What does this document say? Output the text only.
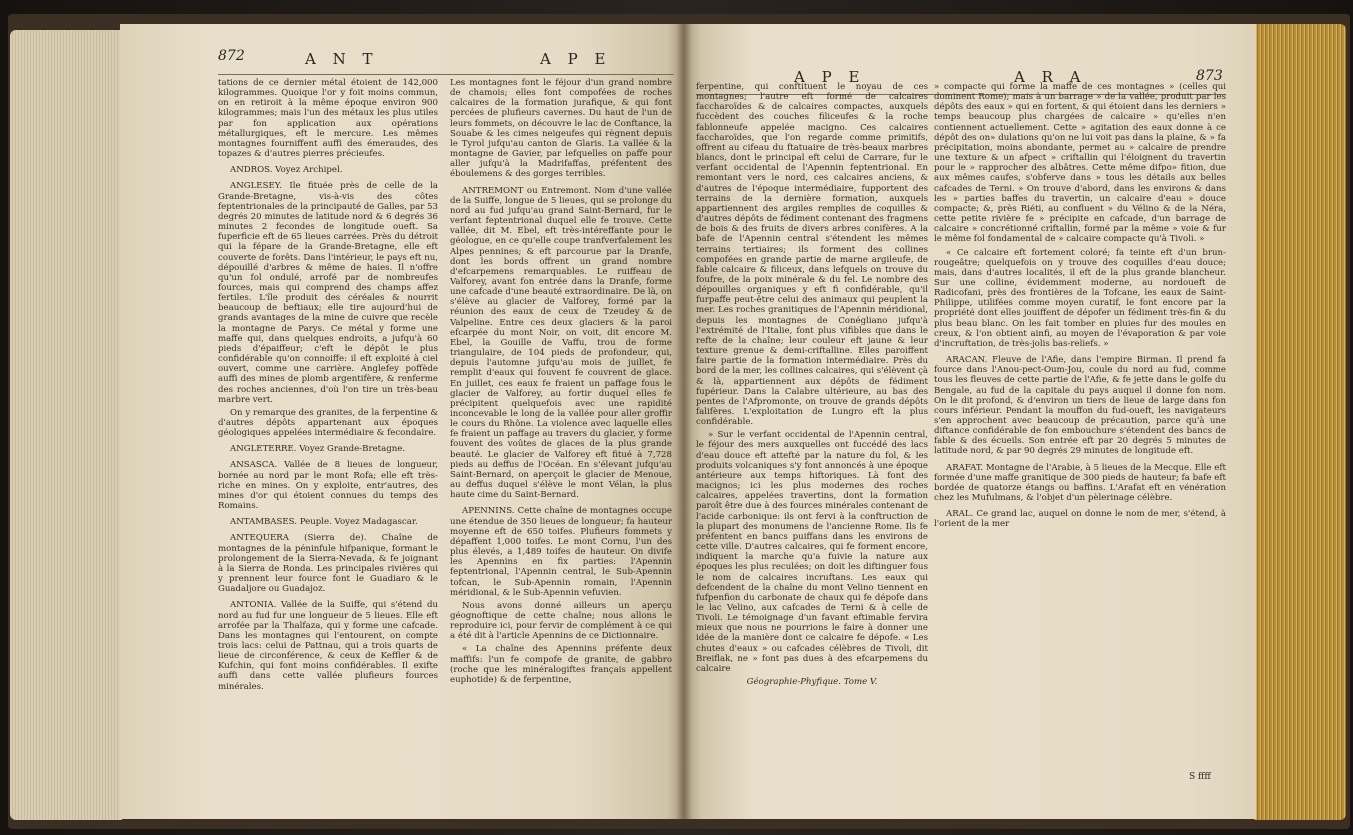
872	A N T	A P E

tations de ce dernier métal étoient de 142,000 kilogrammes. Quoique l'or y foit moins commun, on en retiroit à la même époque environ 900 kilogrammes; mais l'un des métaux les plus utiles par fon application aux opérations métallurgiques, eft le mercure. Les mêmes montagnes fourniffent auffi des émeraudes, des topazes & d'autres pierres précieufes.

ANDROS. Voyez Archipel.

ANGLESEY. Ile fituée près de celle de la Grande-Bretagne, vis-à-vis des côtes feptentrionales de la principauté de Galles, par 53 degrés 20 minutes de latitude nord & 6 degrés 36 minutes 2 fecondes de longitude oueft. Sa fuperficie eft de 65 lieues carrées. Près du détroit qui la fépare de la Grande-Bretagne, elle eft couverte de forêts. Dans l'intérieur, le pays eft nu, dépouillé d'arbres & même de haies. Il n'offre qu'un fol ondulé, arrofé par de nombreufes fources, mais qui comprend des champs affez fertiles. L'île produit des céréales & nourrit beaucoup de beftiaux; elle tire aujourd'hui de grands avantages de la mine de cuivre que recèle la montagne de Parys. Ce métal y forme une maffe qui, dans quelques endroits, a jufqu'à 60 pieds d'épaiffeur; c'eft le dépôt le plus confidérable qu'on connoiffe: il eft exploité à ciel ouvert, comme une carrière. Anglefey poffède auffi des mines de plomb argentifère, & renferme des roches anciennes, d'où l'on tire un très-beau marbre vert.

On y remarque des granites, de la ferpentine & d'autres dépôts appartenant aux époques géologiques appelées intermédiaire & fecondaire.

ANGLETERRE. Voyez Grande-Bretagne.

ANSASCA. Vallée de 8 lieues de longueur, bornée au nord par le mont Rofa; elle eft très-riche en mines. On y exploite, entr'autres, des mines d'or qui étoient connues du temps des Romains.

ANTAMBASES. Peuple. Voyez Madagascar.

ANTEQUERA (Sierra de). Chaîne de montagnes de la péninfule hifpanique, formant le prolongement de la Sierra-Nevada, & fe joignant à la Sierra de Ronda. Les principales rivières qui y prennent leur fource font le Guadiaro & le Guadaljore ou Guadajoz.

ANTONIA. Vallée de la Suiffe, qui s'étend du nord au fud fur une longueur de 5 lieues. Elle eft arrofée par la Thalfaza, qui y forme une cafcade. Dans les montagnes qui l'entourent, on compte trois lacs: celui de Pattnau, qui a trois quarts de lieue de circonférence, & ceux de Keffler & de Kufchin, qui font moins confidérables. Il exifte auffi dans cette vallée plufieurs fources minérales.

Les montagnes font le féjour d'un grand nombre de chamois; elles font compofées de roches calcaires de la formation jurafique, & qui font percées de plufieurs cavernes. Du haut de l'un de leurs fommets, on découvre le lac de Conftance, la Souabe & les cimes neigeufes qui règnent depuis le Tyrol jufqu'au canton de Glaris. La vallée & la montagne de Gavier, par lefquelles on paffe pour aller jufqu'à la Madrifaffas, préfentent des éboulemens & des gorges terribles.

ANTREMONT ou Entremont. Nom d'une vallée de la Suiffe, longue de 5 lieues, qui se prolonge du nord au fud jufqu'au grand Saint-Bernard, fur le verfant feptentrional duquel elle fe trouve. Cette vallée, dit M. Ebel, eft très-intéreffante pour le géologue, en ce qu'elle coupe tranfverfalement les Alpes pennines; & eft parcourue par la Dranfe, dont les bords offrent un grand nombre d'efcarpemens remarquables. Le ruiffeau de Valforey, avant fon entrée dans la Dranfe, forme une cafcade d'une beauté extraordinaire. De là, on s'élève au glacier de Valforey, formé par la réunion des eaux de ceux de Tzeudey & de Valpeline. Entre ces deux glaciers & la paroi efcarpée du mont Noir, on voit, dit encore M. Ebel, la Gouille de Vaffu, trou de forme triangulaire, de 104 pieds de profondeur, qui, depuis l'automne jufqu'au mois de juillet, fe remplit d'eaux qui fouvent fe couvrent de glace. En juillet, ces eaux fe fraient un paffage fous le glacier de Valforey, au fortir duquel elles fe précipitent quelquefois avec une rapidité inconcevable le long de la vallée pour aller groffir le cours du Rhône. La violence avec laquelle elles fe fraient un paffage au travers du glacier, y forme fouvent des voûtes de glaces de la plus grande beauté. Le glacier de Valforey eft fitué à 7,728 pieds au deffus de l'Océan. En s'élevant jufqu'au Saint-Bernard, on aperçoit le glacier de Menoue, au deffus duquel s'élève le mont Vélan, la plus haute cime du Saint-Bernard.

APENNINS. Cette chaîne de montagnes occupe une étendue de 350 lieues de longueur; fa hauteur moyenne eft de 650 toifes. Plufieurs fommets y dépaffent 1,000 toifes. Le mont Cornu, l'un des plus élevés, a 1,489 toifes de hauteur. On divife les Apennins en fix parties: l'Apennin feptentrional, l'Apennin central, le Sub-Apennin tofcan, le Sub-Apennin romain, l'Apennin méridional, & le Sub-Apennin vefuvien.

Nous avons donné ailleurs un aperçu géognoftique de cette chaîne; nous allons le reproduire ici, pour fervir de complément à ce qui a été dit à l'article Apennins de ce Dictionnaire.

« La chaîne des Apennins préfente deux maffifs: l'un fe compofe de granite, de gabbro (roche que les minéralogiftes français appellent euphotide) & de ferpentine,

A P E	A R A	873

ferpentine, qui conftituent le noyau de ces montagnes; l'autre eft formé de calcaires faccharoïdes & de calcaires compactes, auxquels fuccèdent des couches filiceufes & la roche fablonneufe appelée macigno. Ces calcaires faccharoïdes, que l'on regarde comme primitifs, offrent au cifeau du ftatuaire de très-beaux marbres blancs, dont le principal eft celui de Carrare, fur le verfant occidental de l'Apennin feptentrional. En remontant vers le nord, ces calcaires anciens, & d'autres de l'époque intermédiaire, fupportent des terrains de la dernière formation, auxquels appartiennent des argiles remplies de coquilles & d'autres dépôts de fédiment contenant des fragmens de bois & des fruits de divers arbres conifères. A la bafe de l'Apennin central s'étendent les mêmes terrains tertiaires; ils forment des collines compofées en grande partie de marne argileufe, de fable calcaire & filiceux, dans lefquels on trouve du foufre, de la poix minérale & du fel. Le nombre des dépouilles organiques y eft fi confidérable, qu'il furpaffe peut-être celui des animaux qui peuplent la mer. Les roches granitiques de l'Apennin méridional, depuis les montagnes de Conégliano jufqu'à l'extrémité de l'Italie, font plus vifibles que dans le refte de la chaîne; leur couleur eft jaune & leur texture grenue & demi-criftalline. Elles paroiffent faire partie de la formation intermédiaire. Près du bord de la mer, les collines calcaires, qui s'élèvent çà & là, appartiennent aux dépôts de fédiment fupérieur. Dans la Calabre ultérieure, au bas des pentes de l'Afpromonte, on trouve de grands dépôts falifères. L'exploitation de Lungro eft la plus confidérable.

» Sur le verfant occidental de l'Apennin central, le féjour des mers auxquelles ont fuccédé des lacs d'eau douce eft attefté par la nature du fol, & les produits volcaniques s'y font annoncés à une époque antérieure aux temps hiftoriques. Là font des macignos; ici les plus modernes des roches calcaires, appelées travertins, dont la formation paroît être due à des fources minérales contenant de l'acide carbonique: ils ont fervi à la conftruction de la plupart des monumens de l'ancienne Rome. Ils fe préfentent en bancs puiffans dans les environs de cette ville. D'autres calcaires, qui fe forment encore, indiquent la marche qu'a fuivie la nature aux époques les plus reculées; on doit les diftinguer fous le nom de calcaires incruftans. Les eaux qui defcendent de la chaîne du mont Velino tiennent en fufpenfion du carbonate de chaux qui fe dépofe dans le lac Velino, aux cafcades de Terni & à celle de Tivoli. Le témoignage d'un favant eftimable fervira mieux que nous ne pourrions le faire à donner une idée de la manière dont ce calcaire fe dépofe. « Les chutes d'eaux » ou cafcades célèbres de Tivoli, dit Breiflak, ne » font pas dues à des efcarpemens du calcaire

Géographie-Phyfique. Tome V.

» compacte qui forme la maffe de ces montagnes » (celles qui dominent Rome); mais à un barrage » de la vallée, produit par les dépôts des eaux » qui en fortent, & qui étoient dans les derniers » temps beaucoup plus chargées de calcaire » qu'elles n'en contiennent actuellement. Cette » agitation des eaux donne à ce dépôt des on» dulations qu'on ne lui voit pas dans la plaine, & » fa précipitation, moins abondante, permet au » calcaire de prendre une texture & un afpect » criftallin qui l'éloignent du travertin pour le » rapprocher des albâtres. Cette même difpo» fition, due aux mêmes caufes, s'obferve dans » tous les détails aux belles cafcades de Terni. » On trouve d'abord, dans les environs & dans les » parties baffes du travertin, un calcaire d'eau » douce compacte; &, près Riéti, au confluent » du Vélino & de la Néra, cette petite rivière fe » précipite en cafcade, d'un barrage de calcaire » concrétionné criftallin, formé par la même » voie & fur le même fol fondamental de » calcaire compacte qu'à Tivoli. »

« Ce calcaire eft fortement coloré; fa teinte eft d'un brun-rougeâtre; quelquefois on y trouve des coquilles d'eau douce; mais, dans d'autres localités, il eft de la plus grande blancheur. Sur une colline, évidemment moderne, au nordoueft de Radicofani, près des frontières de la Tofcane, les eaux de Saint-Philippe, utilifées comme moyen curatif, le font encore par la propriété dont elles jouiffent de dépofer un fédiment très-fin & du plus beau blanc. On les fait tomber en pluies fur des moules en creux, & l'on obtient ainfi, au moyen de l'évaporation & par voie d'incruftation, de très-jolis bas-reliefs. »

ARACAN. Fleuve de l'Afie, dans l'empire Birman. Il prend fa fource dans l'Anou-pect-Oum-Jou, coule du nord au fud, comme tous les fleuves de cette partie de l'Afie, & fe jette dans le golfe du Bengale, au fud de la capitale du pays auquel il donne fon nom. On le dit profond, & d'environ un tiers de lieue de large dans fon cours inférieur. Pendant la mouffon du fud-oueft, les navigateurs s'en approchent avec beaucoup de précaution, parce qu'à une diftance confidérable de fon embouchure s'étendent des bancs de fable & des écueils. Son entrée eft par 20 degrés 5 minutes de latitude nord, & par 90 degrés 29 minutes de longitude eft.

ARAFAT. Montagne de l'Arabie, à 5 lieues de la Mecque. Elle eft formée d'une maffe granitique de 300 pieds de hauteur; fa bafe eft bordée de quatorze étangs ou baffins. L'Arafat eft en vénération chez les Mufulmans, & l'objet d'un pèlerinage célèbre.

ARAL. Ce grand lac, auquel on donne le nom de mer, s'étend, à l'orient de la mer

S ffff
